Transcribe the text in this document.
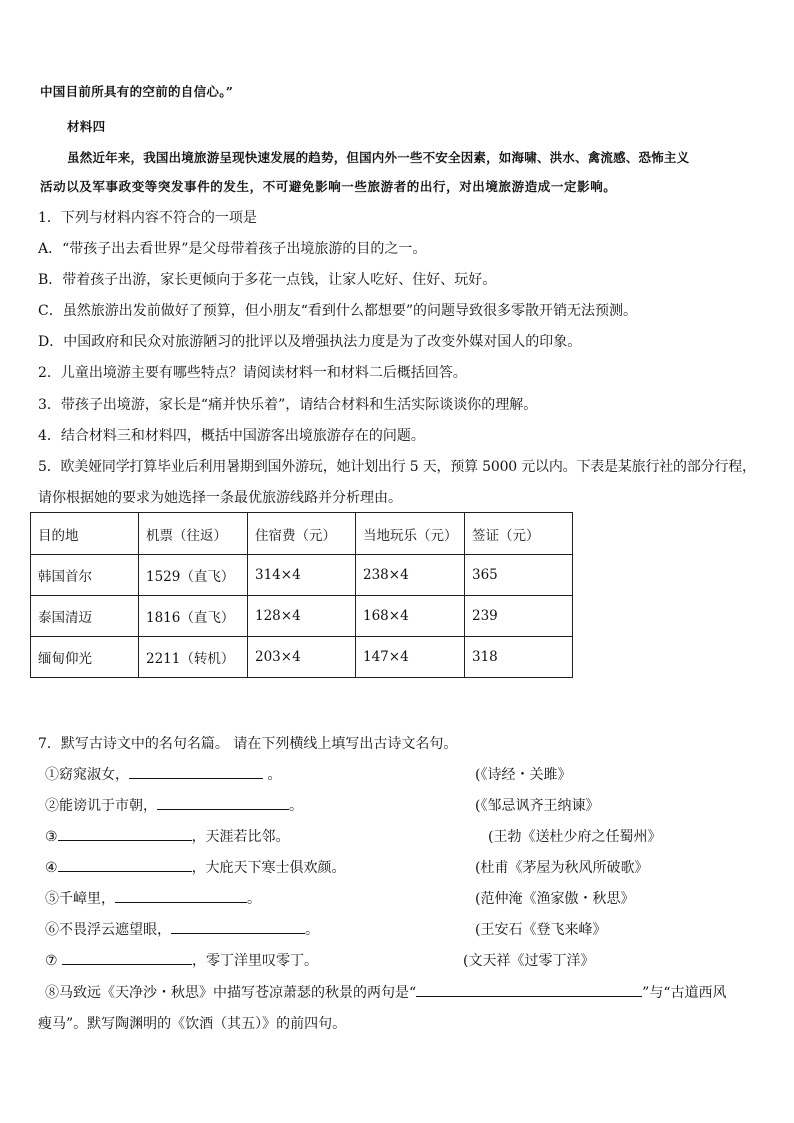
中国目前所具有的空前的自信心。”
材料四
虽然近年来，我国出境旅游呈现快速发展的趋势，但国内外一些不安全因素，如海啸、洪水、禽流感、恐怖主义
活动以及军事政变等突发事件的发生，不可避免影响一些旅游者的出行，对出境旅游造成一定影响。
1．下列与材料内容不符合的一项是
A．“带孩子出去看世界”是父母带着孩子出境旅游的目的之一。
B．带着孩子出游，家长更倾向于多花一点钱，让家人吃好、住好、玩好。
C．虽然旅游出发前做好了预算，但小朋友“看到什么都想要”的问题导致很多零散开销无法预测。
D．中国政府和民众对旅游陋习的批评以及增强执法力度是为了改变外媒对国人的印象。
2．儿童出境游主要有哪些特点？请阅读材料一和材料二后概括回答。
3．带孩子出境游，家长是“痛并快乐着”，请结合材料和生活实际谈谈你的理解。
4．结合材料三和材料四，概括中国游客出境旅游存在的问题。
5．欧美娅同学打算毕业后利用暑期到国外游玩，她计划出行 5 天，预算 5000 元以内。下表是某旅行社的部分行程，
请你根据她的要求为她选择一条最优旅游线路并分析理由。
目的地	机票（往返）	住宿费（元）	当地玩乐（元）	签证（元）
韩国首尔	1529（直飞）	314×4	238×4	365
泰国清迈	1816（直飞）	128×4	168×4	239
缅甸仰光	2211（转机）	203×4	147×4	318
7．默写古诗文中的名句名篇。 请在下列横线上填写出古诗文名句。
①窈窕淑女，	。	(《诗经・关雎》
②能谤讥于市朝，	。	(《邹忌讽齐王纳谏》
③	，天涯若比邻。	(王勃《送杜少府之任蜀州》
④	，大庇天下寒士俱欢颜。	(杜甫《茅屋为秋风所破歌》
⑤千嶂里，	。	(范仲淹《渔家傲・秋思》
⑥不畏浮云遮望眼，	。	(王安石《登飞来峰》
⑦	，零丁洋里叹零丁。	(文天祥《过零丁洋》
⑧马致远《天净沙・秋思》中描写苍凉萧瑟的秋景的两句是“	”与“古道西风
瘦马”。默写陶渊明的《饮酒（其五）》的前四句。
